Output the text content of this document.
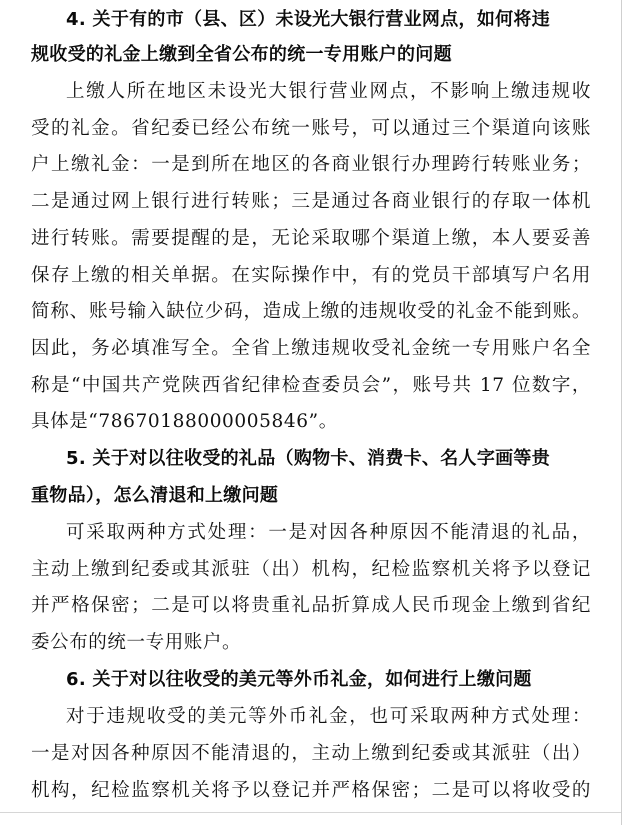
4. 关于有的市（县、区）未设光大银行营业网点，如何将违
规收受的礼金上缴到全省公布的统一专用账户的问题
上缴人所在地区未设光大银行营业网点，不影响上缴违规收
受的礼金。省纪委已经公布统一账号，可以通过三个渠道向该账
户上缴礼金：一是到所在地区的各商业银行办理跨行转账业务；
二是通过网上银行进行转账；三是通过各商业银行的存取一体机
进行转账。需要提醒的是，无论采取哪个渠道上缴，本人要妥善
保存上缴的相关单据。在实际操作中，有的党员干部填写户名用
简称、账号输入缺位少码，造成上缴的违规收受的礼金不能到账。
因此，务必填准写全。全省上缴违规收受礼金统一专用账户名全
称是“中国共产党陕西省纪律检查委员会”，账号共 17 位数字，
具体是“78670188000005846”。
5. 关于对以往收受的礼品（购物卡、消费卡、名人字画等贵
重物品），怎么清退和上缴问题
可采取两种方式处理：一是对因各种原因不能清退的礼品，
主动上缴到纪委或其派驻（出）机构，纪检监察机关将予以登记
并严格保密；二是可以将贵重礼品折算成人民币现金上缴到省纪
委公布的统一专用账户。
6. 关于对以往收受的美元等外币礼金，如何进行上缴问题
对于违规收受的美元等外币礼金，也可采取两种方式处理：
一是对因各种原因不能清退的，主动上缴到纪委或其派驻（出）
机构，纪检监察机关将予以登记并严格保密；二是可以将收受的
